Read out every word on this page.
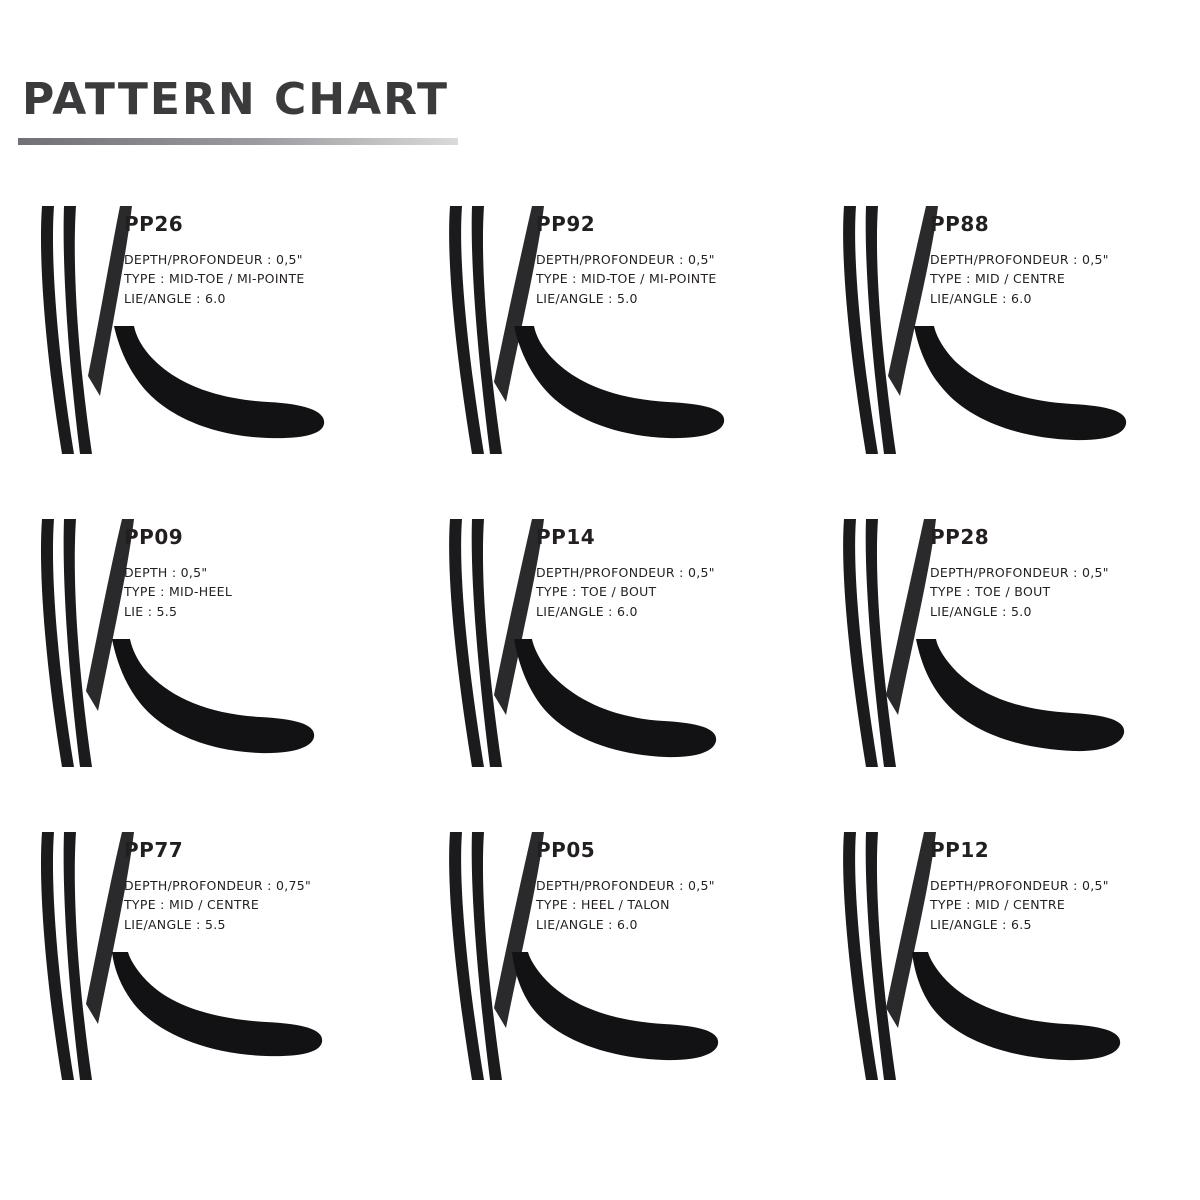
PATTERN CHART
PP26
DEPTH/PROFONDEUR : 0,5"
TYPE : MID-TOE / MI-POINTE
LIE/ANGLE : 6.0
PP92
DEPTH/PROFONDEUR : 0,5"
TYPE : MID-TOE / MI-POINTE
LIE/ANGLE : 5.0
PP88
DEPTH/PROFONDEUR : 0,5"
TYPE : MID / CENTRE
LIE/ANGLE : 6.0
PP09
DEPTH : 0,5"
TYPE : MID-HEEL
LIE : 5.5
PP14
DEPTH/PROFONDEUR : 0,5"
TYPE : TOE / BOUT
LIE/ANGLE : 6.0
PP28
DEPTH/PROFONDEUR : 0,5"
TYPE : TOE / BOUT
LIE/ANGLE : 5.0
PP77
DEPTH/PROFONDEUR : 0,75"
TYPE : MID / CENTRE
LIE/ANGLE : 5.5
PP05
DEPTH/PROFONDEUR : 0,5"
TYPE : HEEL / TALON
LIE/ANGLE : 6.0
PP12
DEPTH/PROFONDEUR : 0,5"
TYPE : MID / CENTRE
LIE/ANGLE : 6.5
